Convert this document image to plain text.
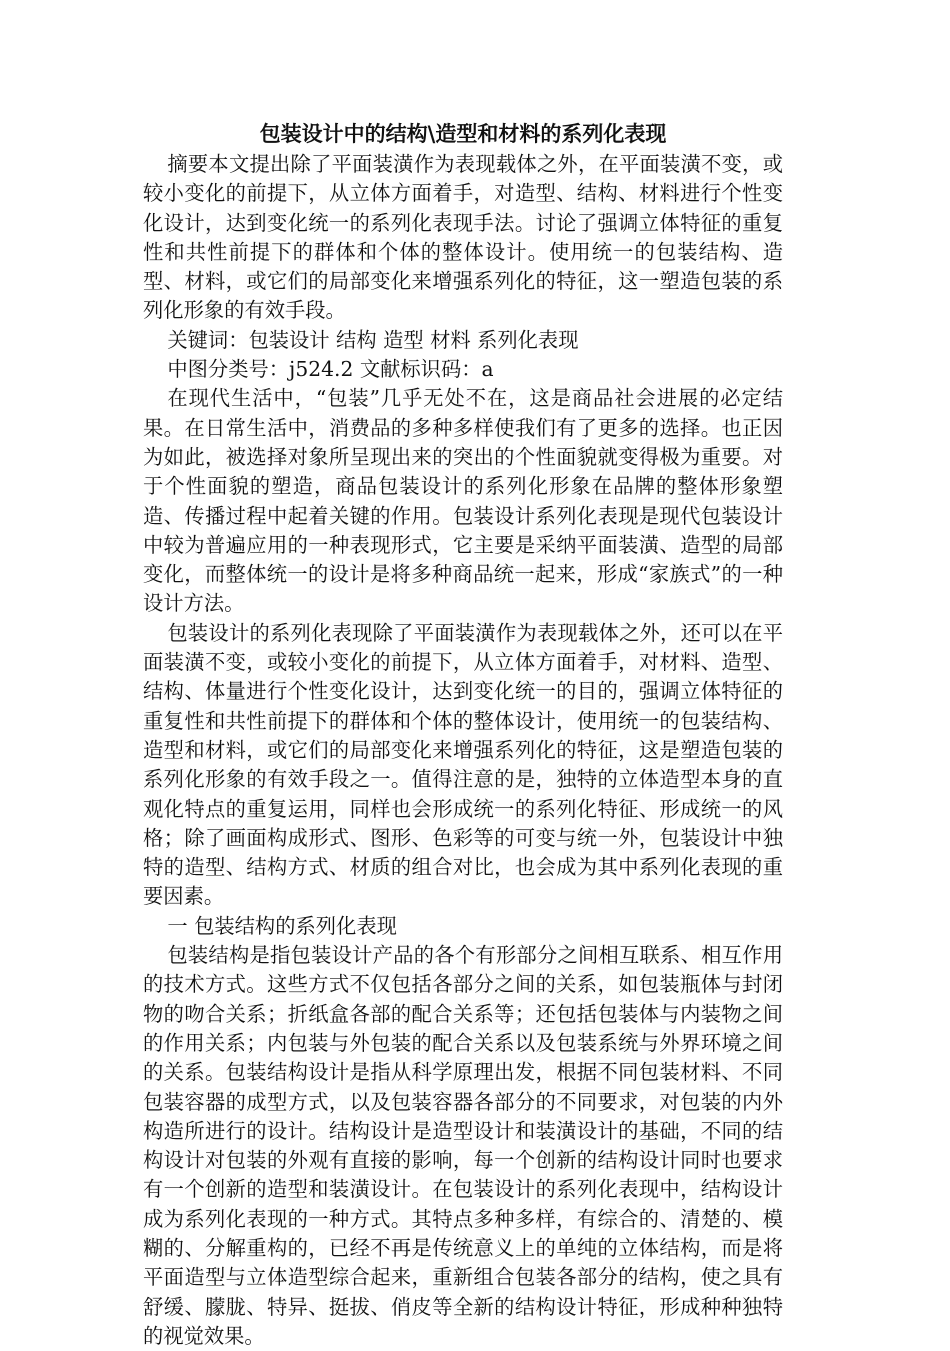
包装设计中的结构\造型和材料的系列化表现

摘要本文提出除了平面装潢作为表现载体之外，在平面装潢不变，或较小变化的前提下，从立体方面着手，对造型、结构、材料进行个性变化设计，达到变化统一的系列化表现手法。讨论了强调立体特征的重复性和共性前提下的群体和个体的整体设计。使用统一的包装结构、造型、材料，或它们的局部变化来增强系列化的特征，这一塑造包装的系列化形象的有效手段。

关键词：包装设计 结构 造型 材料 系列化表现

中图分类号：j524.2 文献标识码：a

在现代生活中，“包装”几乎无处不在，这是商品社会进展的必定结果。在日常生活中，消费品的多种多样使我们有了更多的选择。也正因为如此，被选择对象所呈现出来的突出的个性面貌就变得极为重要。对于个性面貌的塑造，商品包装设计的系列化形象在品牌的整体形象塑造、传播过程中起着关键的作用。包装设计系列化表现是现代包装设计中较为普遍应用的一种表现形式，它主要是采纳平面装潢、造型的局部变化，而整体统一的设计是将多种商品统一起来，形成“家族式”的一种设计方法。

包装设计的系列化表现除了平面装潢作为表现载体之外，还可以在平面装潢不变，或较小变化的前提下，从立体方面着手，对材料、造型、结构、体量进行个性变化设计，达到变化统一的目的，强调立体特征的重复性和共性前提下的群体和个体的整体设计，使用统一的包装结构、造型和材料，或它们的局部变化来增强系列化的特征，这是塑造包装的系列化形象的有效手段之一。值得注意的是，独特的立体造型本身的直观化特点的重复运用，同样也会形成统一的系列化特征、形成统一的风格；除了画面构成形式、图形、色彩等的可变与统一外，包装设计中独特的造型、结构方式、材质的组合对比，也会成为其中系列化表现的重要因素。

一 包装结构的系列化表现

包装结构是指包装设计产品的各个有形部分之间相互联系、相互作用的技术方式。这些方式不仅包括各部分之间的关系，如包装瓶体与封闭物的吻合关系；折纸盒各部的配合关系等；还包括包装体与内装物之间的作用关系；内包装与外包装的配合关系以及包装系统与外界环境之间的关系。包装结构设计是指从科学原理出发，根据不同包装材料、不同包装容器的成型方式，以及包装容器各部分的不同要求，对包装的内外构造所进行的设计。结构设计是造型设计和装潢设计的基础，不同的结构设计对包装的外观有直接的影响，每一个创新的结构设计同时也要求有一个创新的造型和装潢设计。在包装设计的系列化表现中，结构设计成为系列化表现的一种方式。其特点多种多样，有综合的、清楚的、模糊的、分解重构的，已经不再是传统意义上的单纯的立体结构，而是将平面造型与立体造型综合起来，重新组合包装各部分的结构，使之具有舒缓、朦胧、特异、挺拔、俏皮等全新的结构设计特征，形成种种独特的视觉效果。
